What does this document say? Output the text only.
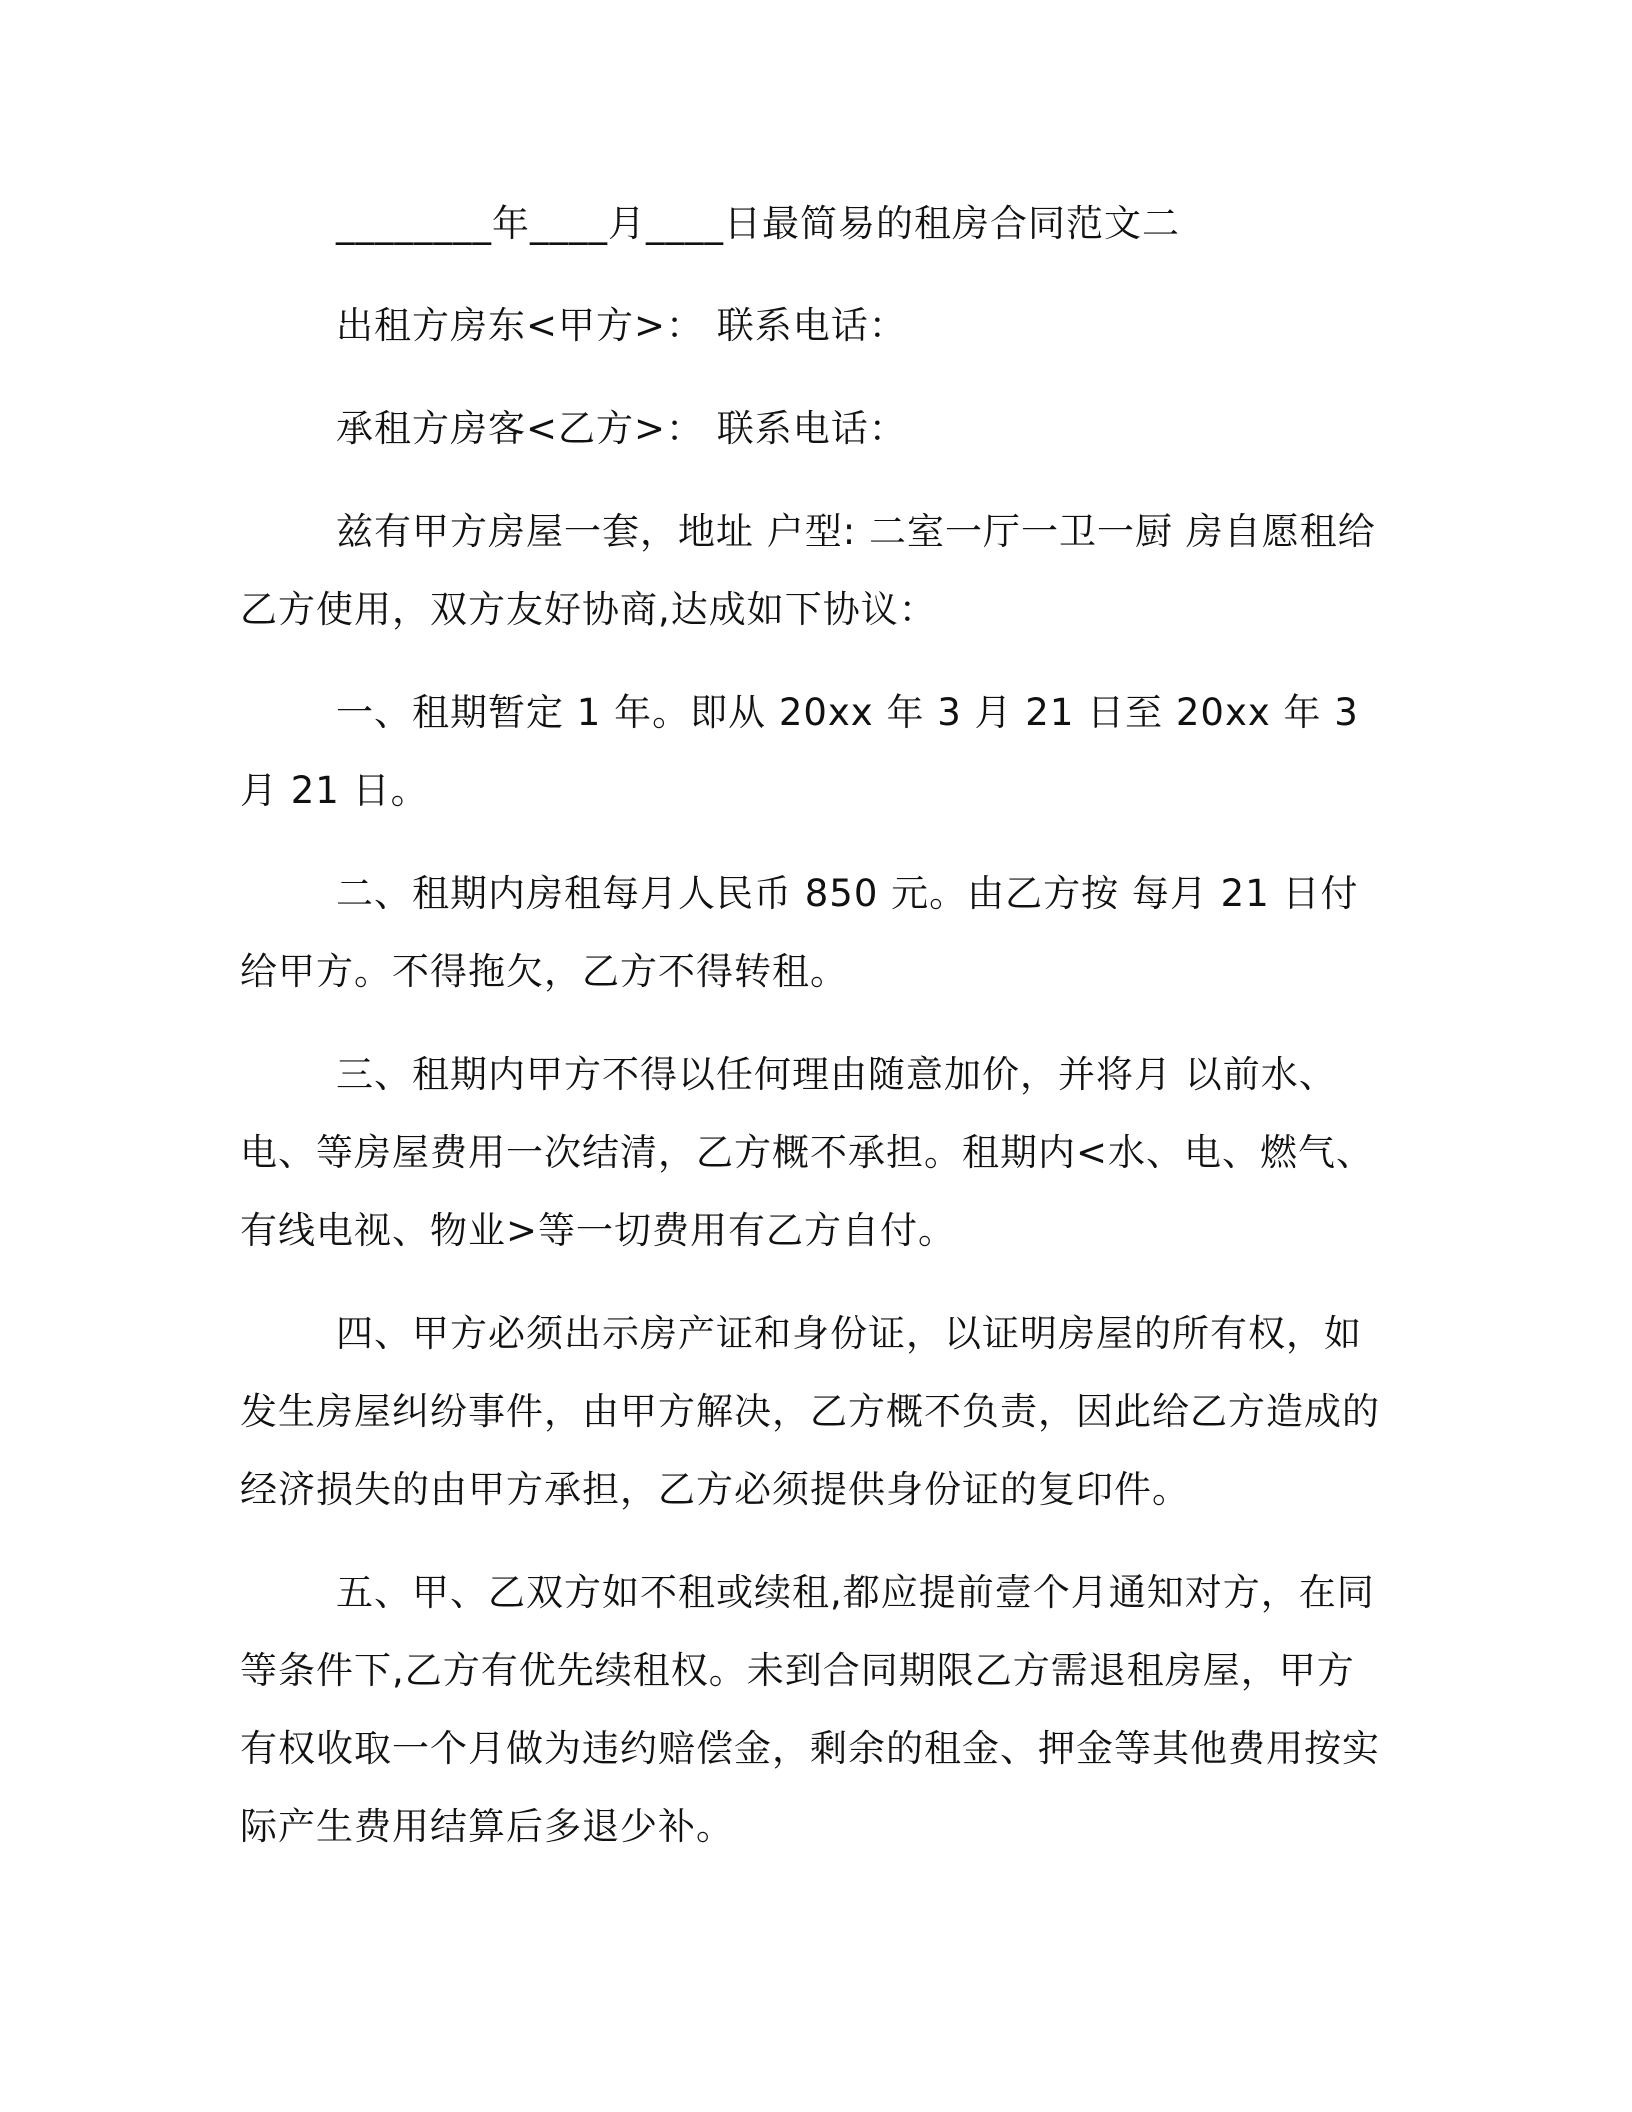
________年____月____日最简易的租房合同范文二

出租方房东<甲方>： 联系电话：

承租方房客<乙方>： 联系电话：

兹有甲方房屋一套，地址 户型: 二室一厅一卫一厨 房自愿租给乙方使用，双方友好协商,达成如下协议：

一、租期暂定 1 年。即从 20xx 年 3 月 21 日至 20xx 年 3 月 21 日。

二、租期内房租每月人民币 850 元。由乙方按 每月 21 日付给甲方。不得拖欠，乙方不得转租。

三、租期内甲方不得以任何理由随意加价，并将月 以前水、电、等房屋费用一次结清，乙方概不承担。租期内<水、电、燃气、有线电视、物业>等一切费用有乙方自付。

四、甲方必须出示房产证和身份证，以证明房屋的所有权，如发生房屋纠纷事件，由甲方解决，乙方概不负责，因此给乙方造成的经济损失的由甲方承担，乙方必须提供身份证的复印件。

五、甲、乙双方如不租或续租,都应提前壹个月通知对方，在同等条件下,乙方有优先续租权。未到合同期限乙方需退租房屋，甲方有权收取一个月做为违约赔偿金，剩余的租金、押金等其他费用按实际产生费用结算后多退少补。
